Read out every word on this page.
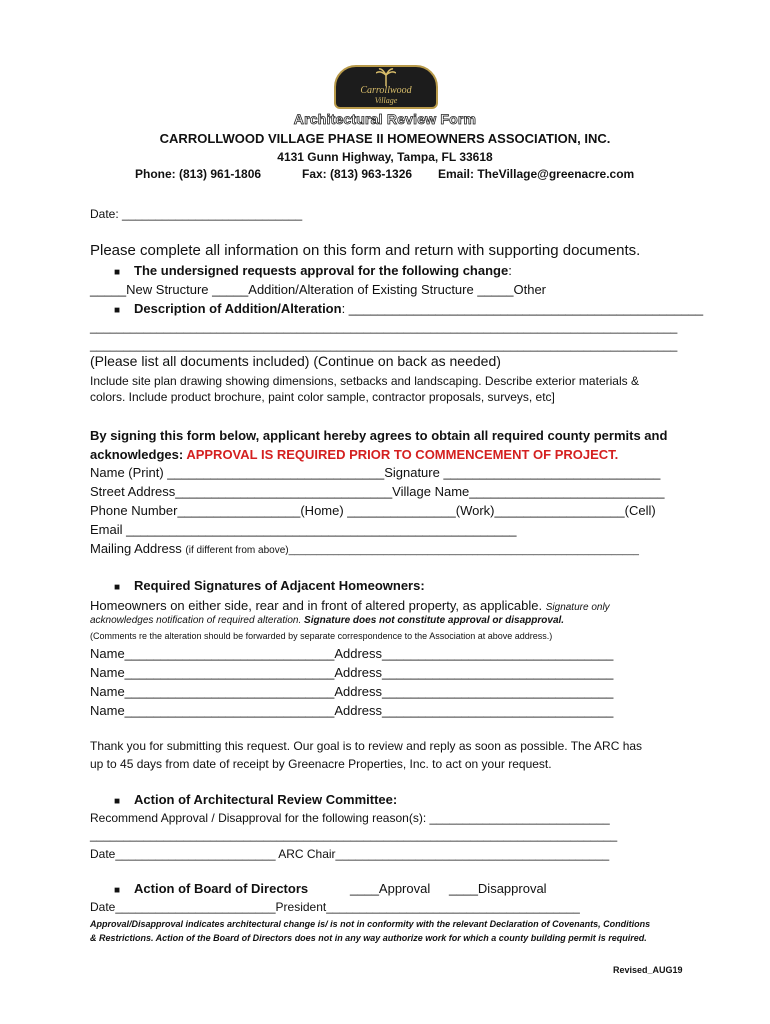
Carrollwood
Village
Architectural Review Form
CARROLLWOOD VILLAGE PHASE II HOMEOWNERS ASSOCIATION, INC.
4131 Gunn Highway, Tampa, FL 33618
Phone: (813) 961-1806	Fax: (813) 963-1326 Email: TheVillage@greenacre.com
Date: ___________________________
Please complete all information on this form and return with supporting documents.
■ The undersigned requests approval for the following change:
_____New Structure _____Addition/Alteration of Existing Structure _____Other
■ Description of Addition/Alteration: _________________________________________________
________________________________________________________________________________________
________________________________________________________________________________________
(Please list all documents included) (Continue on back as needed)
Include site plan drawing showing dimensions, setbacks and landscaping. Describe exterior materials &
colors. Include product brochure, paint color sample, contractor proposals, surveys, etc]
By signing this form below, applicant hereby agrees to obtain all required county permits and
acknowledges: APPROVAL IS REQUIRED PRIOR TO COMMENCEMENT OF PROJECT.
Name (Print) ______________________________Signature ______________________________
Street Address______________________________Village Name___________________________
Phone Number_________________(Home) _______________(Work)__________________(Cell)
Email ______________________________________________________
Mailing Address (if different from above)_______________________________________________________________
■ Required Signatures of Adjacent Homeowners:
Homeowners on either side, rear and in front of altered property, as applicable. Signature only
acknowledges notification of required alteration. Signature does not constitute approval or disapproval.
(Comments re the alteration should be forwarded by separate correspondence to the Association at above address.)
Name_____________________________Address________________________________
Name_____________________________Address________________________________
Name_____________________________Address________________________________
Name_____________________________Address________________________________
Thank you for submitting this request. Our goal is to review and reply as soon as possible. The ARC has
up to 45 days from date of receipt by Greenacre Properties, Inc. to act on your request.
■ Action of Architectural Review Committee:
Recommend Approval / Disapproval for the following reason(s): ___________________________
_______________________________________________________________________________
Date________________________ ARC Chair_________________________________________
■ Action of Board of Directors	____Approval ____Disapproval
Date________________________President______________________________________
Approval/Disapproval indicates architectural change is/ is not in conformity with the relevant Declaration of Covenants, Conditions
& Restrictions. Action of the Board of Directors does not in any way authorize work for which a county building permit is required.
Revised_AUG19
